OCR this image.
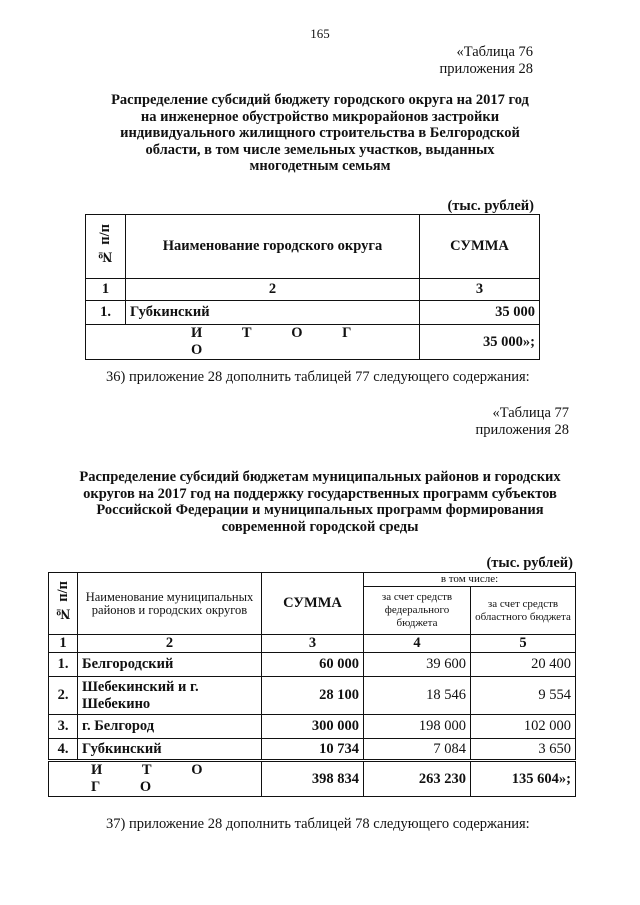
165
«Таблица 76
приложения 28
Распределение субсидий бюджету городского округа на 2017 год
на инженерное обустройство микрорайонов застройки
индивидуального жилищного строительства в Белгородской
области, в том числе земельных участков, выданных
многодетным семьям
(тыс. рублей)
№ п/п	Наименование городского округа	СУММА
1	2	3
1.	Губкинский	35 000
И Т О Г О		35 000»;
36) приложение 28 дополнить таблицей 77 следующего содержания:
«Таблица 77
приложения 28
Распределение субсидий бюджетам муниципальных районов и городских
округов на 2017 год на поддержку государственных программ субъектов
Российской Федерации и муниципальных программ формирования
современной городской среды
(тыс. рублей)
№ п/п	Наименование муниципальных районов и городских округов	СУММА	в том числе:	
			за счет средств федерального бюджета	за счет средств областного бюджета
1	2	3	4	5
1.	Белгородский	60 000	39 600	20 400
2.	Шебекинский и г. Шебекино	28 100	18 546	9 554
3.	г. Белгород	300 000	198 000	102 000
4.	Губкинский	10 734	7 084	3 650
И Т О Г О		398 834	263 230	135 604»;
37) приложение 28 дополнить таблицей 78 следующего содержания:
